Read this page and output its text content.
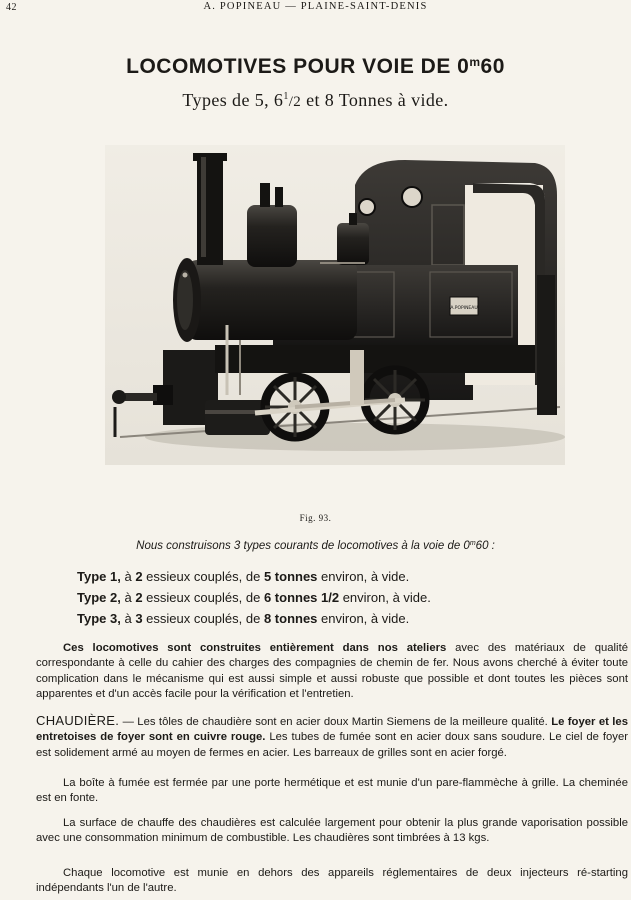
42	A. POPINEAU — PLAINE-SAINT-DENIS
LOCOMOTIVES POUR VOIE DE 0$^m$60
Types de 5, $6^1/2$ et 8 Tonnes à vide.
A.POPINEAU
Fig. 93.
Nous construisons 3 types courants de locomotives à la voie de 0$^m$60 :
Type 1, à 2 essieux couplés, de 5 tonnes environ, à vide.
Type 2, à 2 essieux couplés, de 6 tonnes 1/2 environ, à vide.
Type 3, à 3 essieux couplés, de 8 tonnes environ, à vide.
Ces locomotives sont construites entièrement dans nos ateliers avec des matériaux de qualité correspondante à celle du cahier des charges des compagnies de chemin de fer. Nous avons cherché à éviter toute complication dans le mécanisme qui est aussi simple et aussi robuste que possible et dont toutes les pièces sont apparentes et d'un accès facile pour la vérification et l'entretien.
CHAUDIÈRE. — Les tôles de chaudière sont en acier doux Martin Siemens de la meilleure qualité. Le foyer et les entretoises de foyer sont en cuivre rouge. Les tubes de fumée sont en acier doux sans soudure. Le ciel de foyer est solidement armé au moyen de fermes en acier. Les barreaux de grilles sont en acier forgé.
La boîte à fumée est fermée par une porte hermétique et est munie d'un pare-flammèche à grille. La cheminée est en fonte.
La surface de chauffe des chaudières est calculée largement pour obtenir la plus grande vaporisation possible avec une consommation minimum de combustible. Les chaudières sont timbrées à 13 kgs.
Chaque locomotive est munie en dehors des appareils réglementaires de deux injecteurs ré-starting indépendants l'un de l'autre.
